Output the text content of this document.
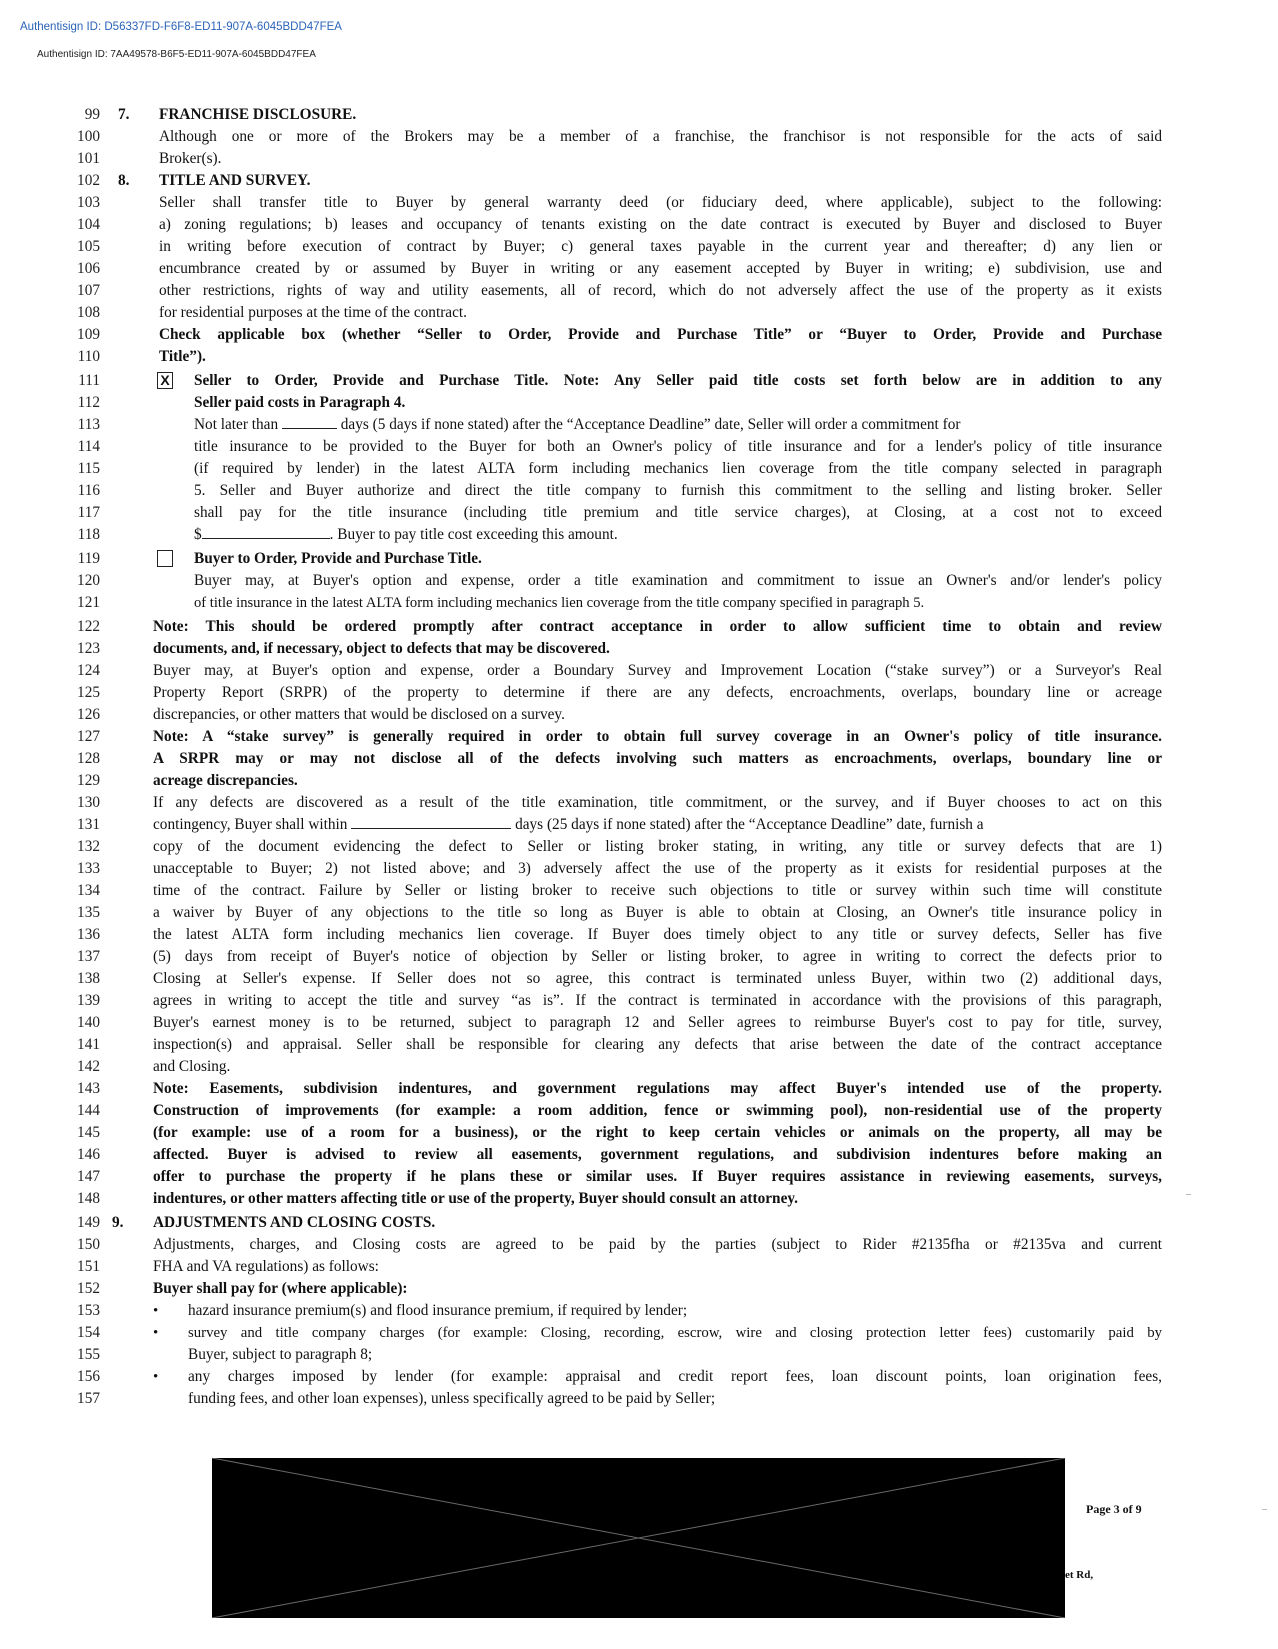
Authentisign ID: D56337FD-F6F8-ED11-907A-6045BDD47FEA
Authentisign ID: 7AA49578-B6F5-ED11-907A-6045BDD47FEA
99 7. FRANCHISE DISCLOSURE.
100	Although one or more of the Brokers may be a member of a franchise, the franchisor is not responsible for the acts of said
101	Broker(s).
102 8. TITLE AND SURVEY.
103	Seller shall transfer title to Buyer by general warranty deed (or fiduciary deed, where applicable), subject to the following:
104	a) zoning regulations; b) leases and occupancy of tenants existing on the date contract is executed by Buyer and disclosed to Buyer
105	in writing before execution of contract by Buyer; c) general taxes payable in the current year and thereafter; d) any lien or
106	encumbrance created by or assumed by Buyer in writing or any easement accepted by Buyer in writing; e) subdivision, use and
107	other restrictions, rights of way and utility easements, all of record, which do not adversely affect the use of the property as it exists
108	for residential purposes at the time of the contract.
109	Check applicable box (whether “Seller to Order, Provide and Purchase Title” or “Buyer to Order, Provide and Purchase
110	Title”).
111	X Seller to Order, Provide and Purchase Title. Note: Any Seller paid title costs set forth below are in addition to any
112	Seller paid costs in Paragraph 4.
113	Not later than	days (5 days if none stated) after the “Acceptance Deadline” date, Seller will order a commitment for
114	title insurance to be provided to the Buyer for both an Owner's policy of title insurance and for a lender's policy of title insurance
115	(if required by lender) in the latest ALTA form including mechanics lien coverage from the title company selected in paragraph
116	5. Seller and Buyer authorize and direct the title company to furnish this commitment to the selling and listing broker. Seller
117	shall pay for the title insurance (including title premium and title service charges), at Closing, at a cost not to exceed
118	$	. Buyer to pay title cost exceeding this amount.
119	Buyer to Order, Provide and Purchase Title.
120	Buyer may, at Buyer's option and expense, order a title examination and commitment to issue an Owner's and/or lender's policy
121	of title insurance in the latest ALTA form including mechanics lien coverage from the title company specified in paragraph 5.
122	Note: This should be ordered promptly after contract acceptance in order to allow sufficient time to obtain and review
123	documents, and, if necessary, object to defects that may be discovered.
124	Buyer may, at Buyer's option and expense, order a Boundary Survey and Improvement Location (“stake survey”) or a Surveyor's Real
125	Property Report (SRPR) of the property to determine if there are any defects, encroachments, overlaps, boundary line or acreage
126	discrepancies, or other matters that would be disclosed on a survey.
127	Note: A “stake survey” is generally required in order to obtain full survey coverage in an Owner's policy of title insurance.
128	A SRPR may or may not disclose all of the defects involving such matters as encroachments, overlaps, boundary line or
129	acreage discrepancies.
130	If any defects are discovered as a result of the title examination, title commitment, or the survey, and if Buyer chooses to act on this
131	contingency, Buyer shall within	days (25 days if none stated) after the “Acceptance Deadline” date, furnish a
132	copy of the document evidencing the defect to Seller or listing broker stating, in writing, any title or survey defects that are 1)
133	unacceptable to Buyer; 2) not listed above; and 3) adversely affect the use of the property as it exists for residential purposes at the
134	time of the contract. Failure by Seller or listing broker to receive such objections to title or survey within such time will constitute
135	a waiver by Buyer of any objections to the title so long as Buyer is able to obtain at Closing, an Owner's title insurance policy in
136	the latest ALTA form including mechanics lien coverage. If Buyer does timely object to any title or survey defects, Seller has five
137	(5) days from receipt of Buyer's notice of objection by Seller or listing broker, to agree in writing to correct the defects prior to
138	Closing at Seller's expense. If Seller does not so agree, this contract is terminated unless Buyer, within two (2) additional days,
139	agrees in writing to accept the title and survey “as is”. If the contract is terminated in accordance with the provisions of this paragraph,
140	Buyer's earnest money is to be returned, subject to paragraph 12 and Seller agrees to reimburse Buyer's cost to pay for title, survey,
141	inspection(s) and appraisal. Seller shall be responsible for clearing any defects that arise between the date of the contract acceptance
142	and Closing.
143	Note: Easements, subdivision indentures, and government regulations may affect Buyer's intended use of the property.
144	Construction of improvements (for example: a room addition, fence or swimming pool), non-residential use of the property
145	(for example: use of a room for a business), or the right to keep certain vehicles or animals on the property, all may be
146	affected. Buyer is advised to review all easements, government regulations, and subdivision indentures before making an
147	offer to purchase the property if he plans these or similar uses. If Buyer requires assistance in reviewing easements, surveys,
148	indentures, or other matters affecting title or use of the property, Buyer should consult an attorney.
149 9. ADJUSTMENTS AND CLOSING COSTS.
150	Adjustments, charges, and Closing costs are agreed to be paid by the parties (subject to Rider #2135fha or #2135va and current
151	FHA and VA regulations) as follows:
152	Buyer shall pay for (where applicable):
153	• hazard insurance premium(s) and flood insurance premium, if required by lender;
154	• survey and title company charges (for example: Closing, recording, escrow, wire and closing protection letter fees) customarily paid by
155	Buyer, subject to paragraph 8;
156	• any charges imposed by lender (for example: appraisal and credit report fees, loan discount points, loan origination fees,
157	funding fees, and other loan expenses), unless specifically agreed to be paid by Seller;
Page 3 of 9
et Rd,
